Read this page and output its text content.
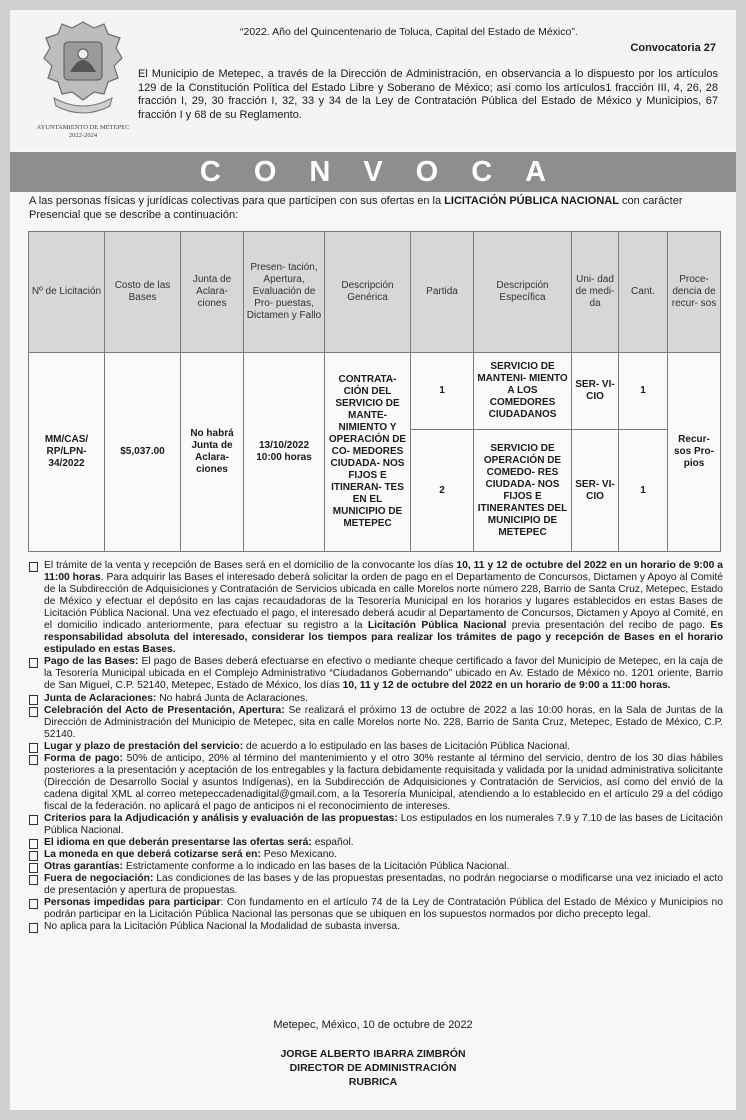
AYUNTAMIENTO DE METEPEC
2022-2024
“2022. Año del Quincentenario de Toluca, Capital del Estado de México”.
Convocatoria 27
El Municipio de Metepec, a través de la Dirección de Administración, en observancia a lo dispuesto por los artículos 129 de la Constitución Política del Estado Libre y Soberano de México; así como los artículos1 fracción III, 4, 26, 28 fracción I, 29, 30 fracción I, 32, 33 y 34 de la Ley de Contratación Pública del Estado de México y Municipios, 67 fracción I y 68 de su Reglamento.
CONVOCA
A las personas físicas y jurídicas colectivas para que participen con sus ofertas en la LICITACIÓN PÚBLICA NACIONAL con carácter Presencial que se describe a continuación:
Nº de Licitación	Costo de las Bases	Junta de Aclara- ciones	Presen- tación, Apertura, Evaluación de Pro- puestas, Dictamen y Fallo	Descripción Genérica	Partida	Descripción Específica	Uni- dad de medi- da	Cant.	Proce- dencia de recur- sos
MM/CAS/ RP/LPN- 34/2022	$5,037.00	No habrá Junta de Aclara- ciones	13/10/2022 10:00 horas	CONTRATA- CIÓN DEL SERVICIO DE MANTE- NIMIENTO Y OPERACIÓN DE CO- MEDORES CIUDADA- NOS FIJOS E ITINERAN- TES EN EL MUNICIPIO DE METEPEC	1	SERVICIO DE MANTENI- MIENTO A LOS COMEDORES CIUDADANOS	SER- VI- CIO	1	Recur- sos Pro- pios
					2	SERVICIO DE OPERACIÓN DE COMEDO- RES CIUDADA- NOS FIJOS E ITINERANTES DEL MUNICIPIO DE METEPEC	SER- VI- CIO	1	
El trámite de la venta y recepción de Bases será en el domicilio de la convocante los días 10, 11 y 12 de octubre del 2022 en un horario de 9:00 a 11:00 horas. Para adquirir las Bases el interesado deberá solicitar la orden de pago en el Departamento de Concursos, Dictamen y Apoyo al Comité de la Subdirección de Adquisiciones y Contratación de Servicios ubicada en calle Morelos norte número 228, Barrio de Santa Cruz, Metepec, Estado de México y efectuar el depósito en las cajas recaudadoras de la Tesorería Municipal en los horarios y lugares establecidos en estas Bases de Licitación Pública Nacional. Una vez efectuado el pago, el interesado deberá acudir al Departamento de Concursos, Dictamen y Apoyo al Comité, en el domicilio indicado anteriormente, para efectuar su registro a la Licitación Pública Nacional previa presentación del recibo de pago. Es responsabilidad absoluta del interesado, considerar los tiempos para realizar los trámites de pago y recepción de Bases en el horario estipulado en estas Bases.
Pago de las Bases: El pago de Bases deberá efectuarse en efectivo o mediante cheque certificado a favor del Municipio de Metepec, en la caja de la Tesorería Municipal ubicada en el Complejo Administrativo “Ciudadanos Gobernando” ubicado en Av. Estado de México no. 1201 oriente, Barrio de San Miguel, C.P. 52140, Metepec, Estado de México, los días 10, 11 y 12 de octubre del 2022 en un horario de 9:00 a 11:00 horas.
Junta de Aclaraciones: No habrá Junta de Aclaraciones.
Celebración del Acto de Presentación, Apertura: Se realizará el próximo 13 de octubre de 2022 a las 10:00 horas, en la Sala de Juntas de la Dirección de Administración del Municipio de Metepec, sita en calle Morelos norte No. 228, Barrio de Santa Cruz, Metepec, Estado de México, C.P. 52140.
Lugar y plazo de prestación del servicio: de acuerdo a lo estipulado en las bases de Licitación Pública Nacional.
Forma de pago: 50% de anticipo, 20% al término del mantenimiento y el otro 30% restante al término del servicio, dentro de los 30 días hábiles posteriores a la presentación y aceptación de los entregables y la factura debidamente requisitada y validada por la unidad administrativa solicitante (Dirección de Desarrollo Social y asuntos Indígenas), en la Subdirección de Adquisiciones y Contratación de Servicios, así como del envió de la cadena digital XML al correo metepeccadenadigital@gmail.com, a la Tesorería Municipal, atendiendo a lo establecido en el artículo 29 a del código fiscal de la federación. no aplicará el pago de anticipos ni el reconocimiento de intereses.
Criterios para la Adjudicación y análisis y evaluación de las propuestas: Los estipulados en los numerales 7.9 y 7.10 de las bases de Licitación Pública Nacional.
El idioma en que deberán presentarse las ofertas será: español.
La moneda en que deberá cotizarse será en: Peso Mexicano.
Otras garantías: Estrictamente conforme a lo indicado en las bases de la Licitación Pública Nacional.
Fuera de negociación: Las condiciones de las bases y de las propuestas presentadas, no podrán negociarse o modificarse una vez iniciado el acto de presentación y apertura de propuestas.
Personas impedidas para participar: Con fundamento en el artículo 74 de la Ley de Contratación Pública del Estado de México y Municipios no podrán participar en la Licitación Pública Nacional las personas que se ubiquen en los supuestos normados por dicho precepto legal.
No aplica para la Licitación Pública Nacional la Modalidad de subasta inversa.
Metepec, México, 10 de octubre de 2022
JORGE ALBERTO IBARRA ZIMBRÓN
DIRECTOR DE ADMINISTRACIÓN
RUBRICA
